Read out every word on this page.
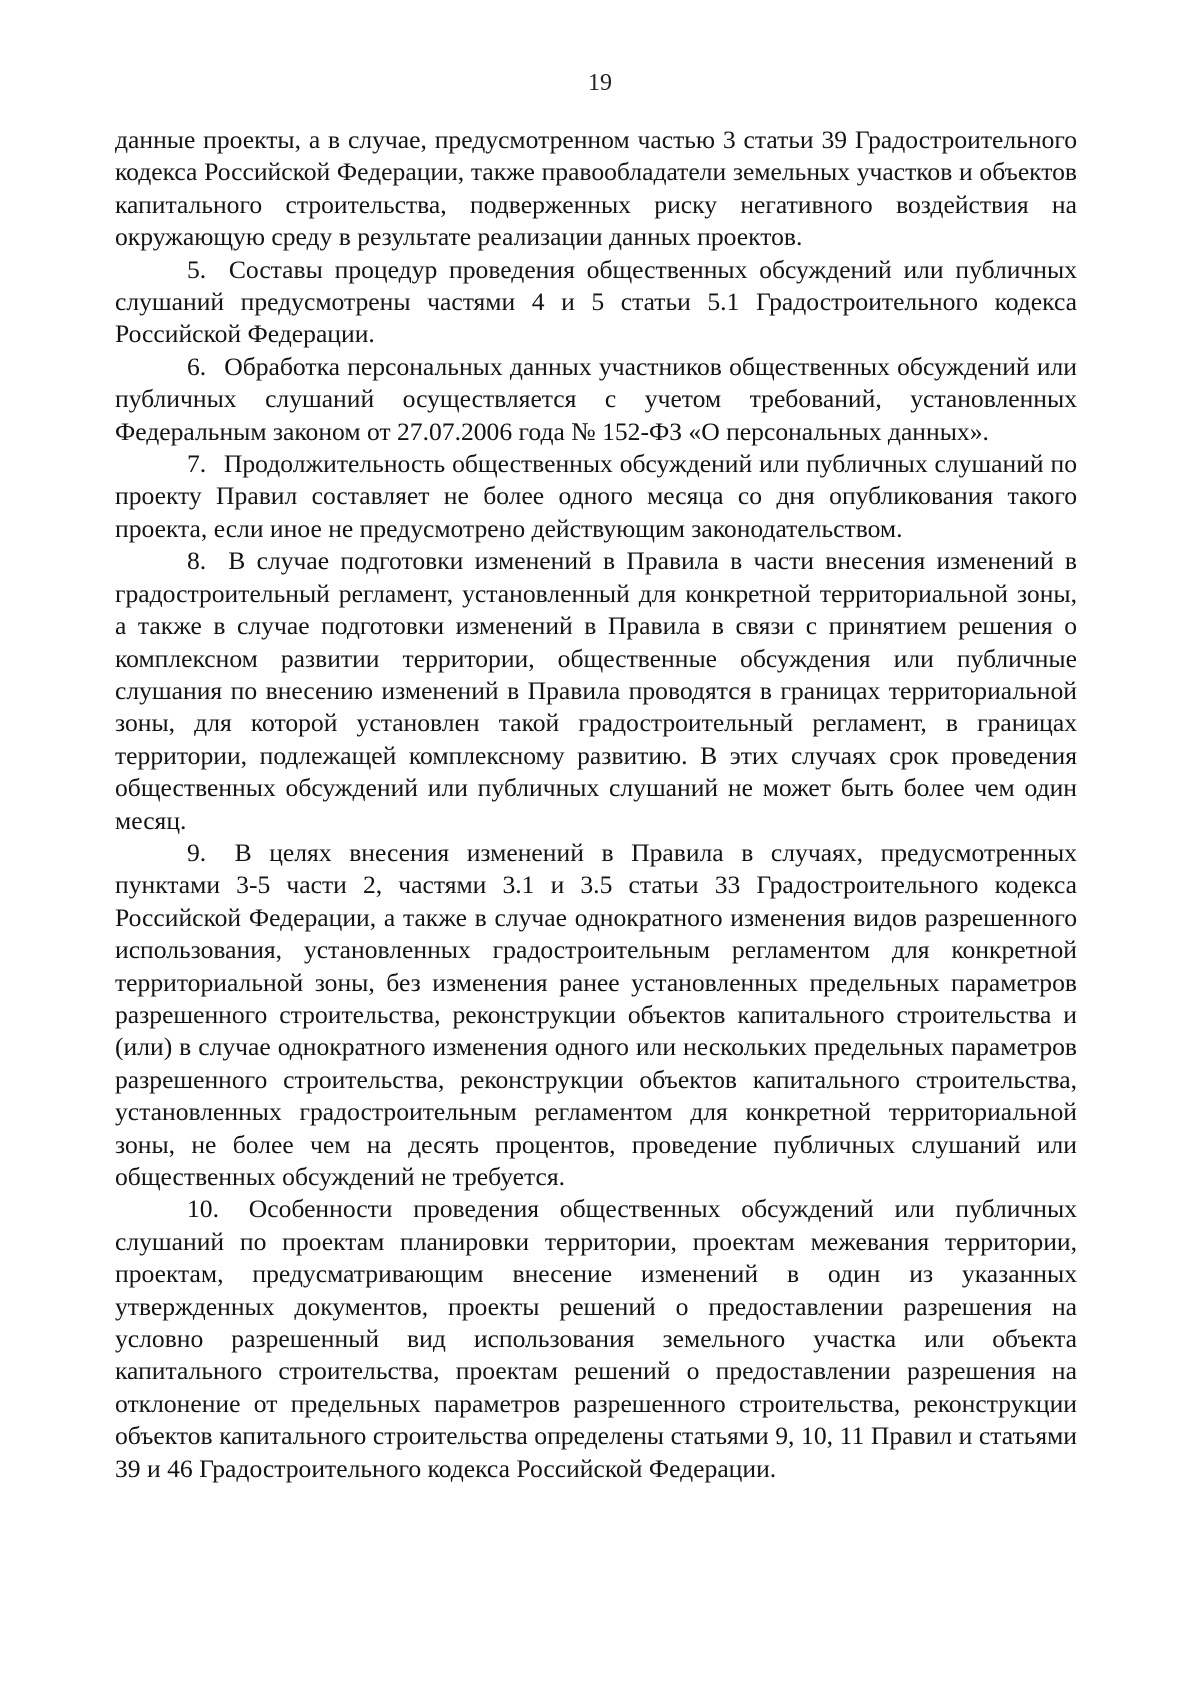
19

данные проекты, а в случае, предусмотренном частью 3 статьи 39 Градостроительного кодекса Российской Федерации, также правообладатели земельных участков и объектов капитального строительства, подверженных риску негативного воздействия на окружающую среду в результате реализации данных проектов.

5. Составы процедур проведения общественных обсуждений или публичных слушаний предусмотрены частями 4 и 5 статьи 5.1 Градостроительного кодекса Российской Федерации.

6. Обработка персональных данных участников общественных обсуждений или публичных слушаний осуществляется с учетом требований, установленных Федеральным законом от 27.07.2006 года № 152-ФЗ «О персональных данных».

7. Продолжительность общественных обсуждений или публичных слушаний по проекту Правил составляет не более одного месяца со дня опубликования такого проекта, если иное не предусмотрено действующим законодательством.

8. В случае подготовки изменений в Правила в части внесения изменений в градостроительный регламент, установленный для конкретной территориальной зоны, а также в случае подготовки изменений в Правила в связи с принятием решения о комплексном развитии территории, общественные обсуждения или публичные слушания по внесению изменений в Правила проводятся в границах территориальной зоны, для которой установлен такой градостроительный регламент, в границах территории, подлежащей комплексному развитию. В этих случаях срок проведения общественных обсуждений или публичных слушаний не может быть более чем один месяц.

9. В целях внесения изменений в Правила в случаях, предусмотренных пунктами 3-5 части 2, частями 3.1 и 3.5 статьи 33 Градостроительного кодекса Российской Федерации, а также в случае однократного изменения видов разрешенного использования, установленных градостроительным регламентом для конкретной территориальной зоны, без изменения ранее установленных предельных параметров разрешенного строительства, реконструкции объектов капитального строительства и (или) в случае однократного изменения одного или нескольких предельных параметров разрешенного строительства, реконструкции объектов капитального строительства, установленных градостроительным регламентом для конкретной территориальной зоны, не более чем на десять процентов, проведение публичных слушаний или общественных обсуждений не требуется.

10. Особенности проведения общественных обсуждений или публичных слушаний по проектам планировки территории, проектам межевания территории, проектам, предусматривающим внесение изменений в один из указанных утвержденных документов, проекты решений о предоставлении разрешения на условно разрешенный вид использования земельного участка или объекта капитального строительства, проектам решений о предоставлении разрешения на отклонение от предельных параметров разрешенного строительства, реконструкции объектов капитального строительства определены статьями 9, 10, 11 Правил и статьями 39 и 46 Градостроительного кодекса Российской Федерации.
